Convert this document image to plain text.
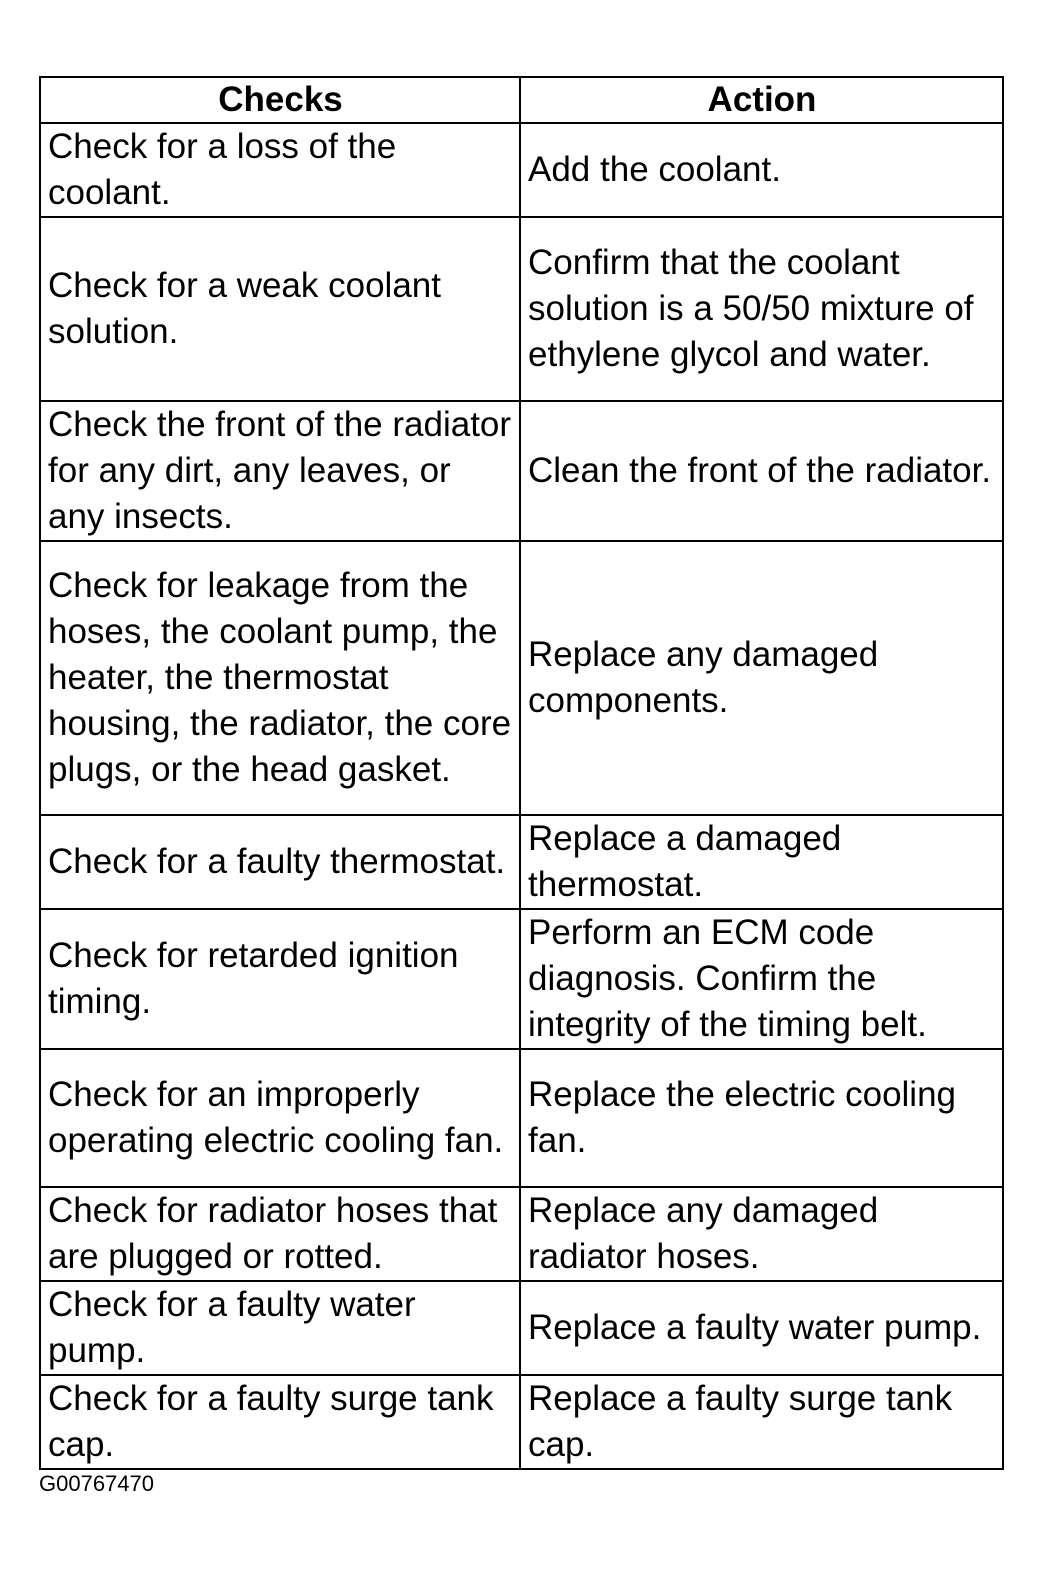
Checks	Action
Check for a loss of the coolant.	Add the coolant.
Check for a weak coolant solution.	Confirm that the coolant solution is a 50/50 mixture of ethylene glycol and water.
Check the front of the radiator for any dirt, any leaves, or any insects.	Clean the front of the radiator.
Check for leakage from the hoses, the coolant pump, the heater, the thermostat housing, the radiator, the core plugs, or the head gasket.	Replace any damaged components.
Check for a faulty thermostat.	Replace a damaged thermostat.
Check for retarded ignition timing.	Perform an ECM code diagnosis. Confirm the integrity of the timing belt.
Check for an improperly operating electric cooling fan.	Replace the electric cooling fan.
Check for radiator hoses that are plugged or rotted.	Replace any damaged radiator hoses.
Check for a faulty water pump.	Replace a faulty water pump.
Check for a faulty surge tank cap.	Replace a faulty surge tank cap.
G00767470
